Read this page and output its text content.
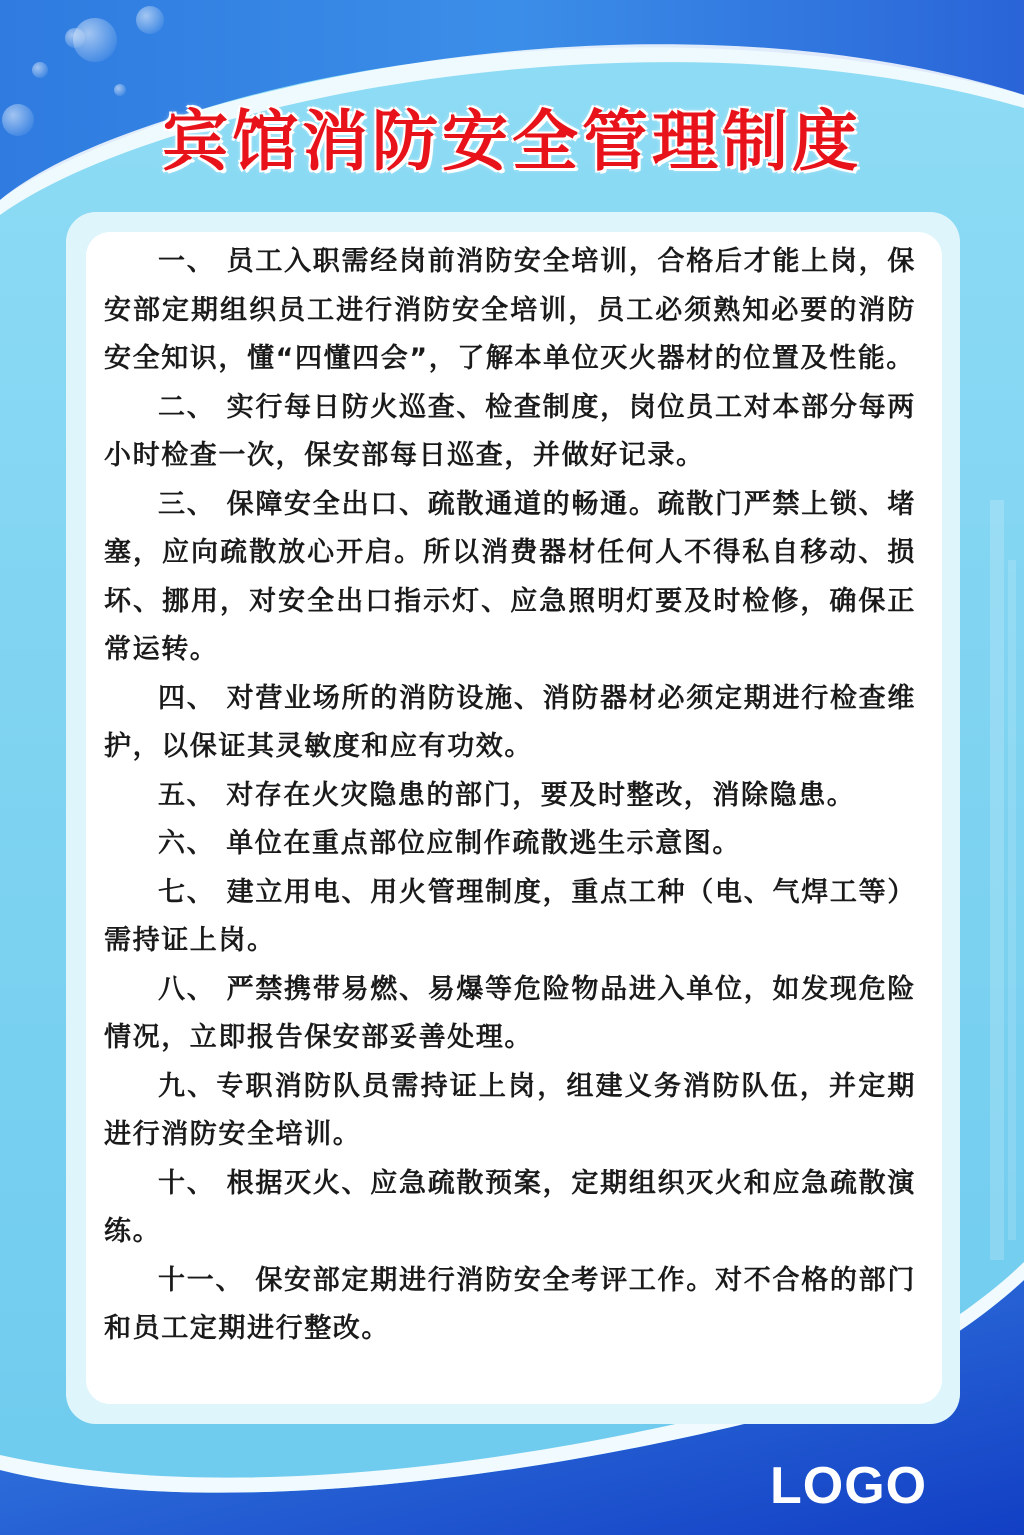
宾馆消防安全管理制度

一、 员工入职需经岗前消防安全培训，合格后才能上岗，保安部定期组织员工进行消防安全培训，员工必须熟知必要的消防安全知识，懂“四懂四会”，了解本单位灭火器材的位置及性能。

二、 实行每日防火巡查、检查制度，岗位员工对本部分每两 小时检查一次，保安部每日巡查，并做好记录。

三、 保障安全出口、疏散通道的畅通。疏散门严禁上锁、堵 塞，应向疏散放心开启。所以消费器材任何人不得私自移动、损坏、挪用，对安全出口指示灯、应急照明灯要及时检修，确保正常运转。

四、 对营业场所的消防设施、消防器材必须定期进行检查维 护，以保证其灵敏度和应有功效。

五、 对存在火灾隐患的部门，要及时整改，消除隐患。

六、 单位在重点部位应制作疏散逃生示意图。

七、 建立用电、用火管理制度，重点工种（电、气焊工等） 需持证上岗。

八、 严禁携带易燃、易爆等危险物品进入单位，如发现危险 情况，立即报告保安部妥善处理。

九、专职消防队员需持证上岗，组建义务消防队伍，并定期进行消防安全培训。

十、 根据灭火、应急疏散预案，定期组织灭火和应急疏散演练。

十一、 保安部定期进行消防安全考评工作。对不合格的部门和员工定期进行整改。

LOGO
